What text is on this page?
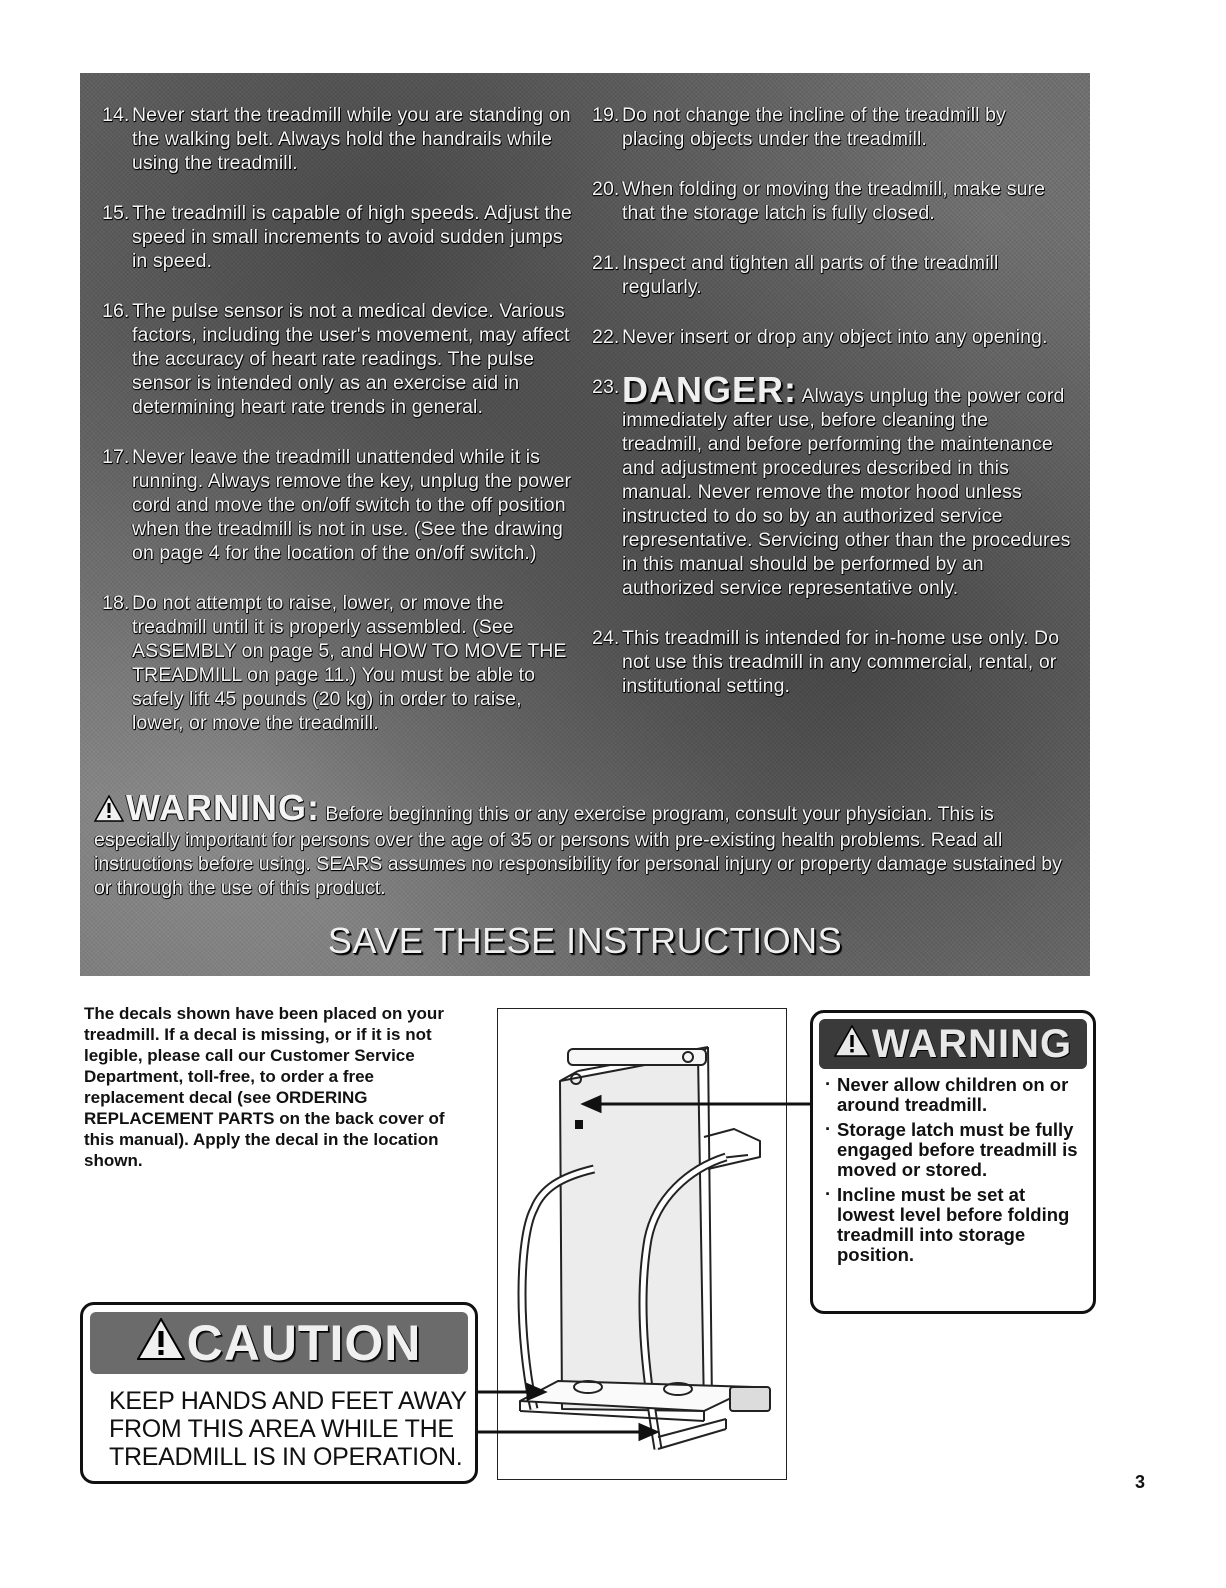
14. Never start the treadmill while you are standing on the walking belt. Always hold the handrails while using the treadmill.
15. The treadmill is capable of high speeds. Adjust the speed in small increments to avoid sudden jumps in speed.
16. The pulse sensor is not a medical device. Various factors, including the user's movement, may affect the accuracy of heart rate readings. The pulse sensor is intended only as an exercise aid in determining heart rate trends in general.
17. Never leave the treadmill unattended while it is running. Always remove the key, unplug the power cord and move the on/off switch to the off position when the treadmill is not in use. (See the drawing on page 4 for the location of the on/off switch.)
18. Do not attempt to raise, lower, or move the treadmill until it is properly assembled. (See ASSEMBLY on page 5, and HOW TO MOVE THE TREADMILL on page 11.) You must be able to safely lift 45 pounds (20 kg) in order to raise, lower, or move the treadmill.
19. Do not change the incline of the treadmill by placing objects under the treadmill.
20. When folding or moving the treadmill, make sure that the storage latch is fully closed.
21. Inspect and tighten all parts of the treadmill regularly.
22. Never insert or drop any object into any opening.
23. DANGER: Always unplug the power cord immediately after use, before cleaning the treadmill, and before performing the maintenance and adjustment procedures described in this manual. Never remove the motor hood unless instructed to do so by an authorized service representative. Servicing other than the procedures in this manual should be performed by an authorized service representative only.
24. This treadmill is intended for in-home use only. Do not use this treadmill in any commercial, rental, or institutional setting.
WARNING: Before beginning this or any exercise program, consult your physician. This is especially important for persons over the age of 35 or persons with pre-existing health problems. Read all instructions before using. SEARS assumes no responsibility for personal injury or property damage sustained by or through the use of this product.
SAVE THESE INSTRUCTIONS
The decals shown have been placed on your treadmill. If a decal is missing, or if it is not legible, please call our Customer Service Department, toll-free, to order a free replacement decal (see ORDERING REPLACEMENT PARTS on the back cover of this manual). Apply the decal in the location shown.
WARNING
· Never allow children on or around treadmill.
· Storage latch must be fully engaged before treadmill is moved or stored.
· Incline must be set at lowest level before folding treadmill into storage position.
CAUTION
KEEP HANDS AND FEET AWAY
FROM THIS AREA WHILE THE
TREADMILL IS IN OPERATION.
3
